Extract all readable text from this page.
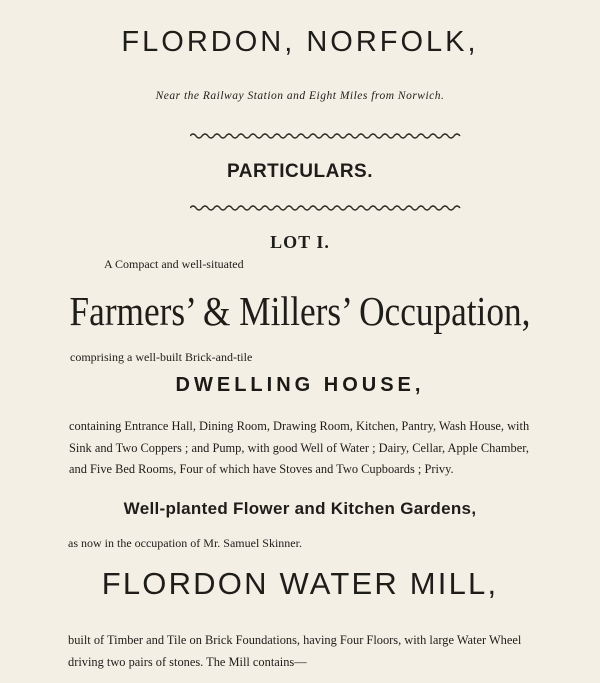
FLORDON, NORFOLK,
Near the Railway Station and Eight Miles from Norwich.
PARTICULARS.
LOT I.
A Compact and well-situated
Farmers’ & Millers’ Occupation,
comprising a well-built Brick-and-tile
DWELLING HOUSE,

containing Entrance Hall, Dining Room, Drawing Room, Kitchen, Pantry, Wash House, with

Sink and Two Coppers ; and Pump, with good Well of Water ; Dairy, Cellar, Apple Chamber,

and Five Bed Rooms, Four of which have Stoves and Two Cupboards ; Privy.

Well-planted Flower and Kitchen Gardens,
as now in the occupation of Mr. Samuel Skinner.
FLORDON WATER MILL,

built of Timber and Tile on Brick Foundations, having Four Floors, with large Water Wheel

driving two pairs of stones. The Mill contains—
